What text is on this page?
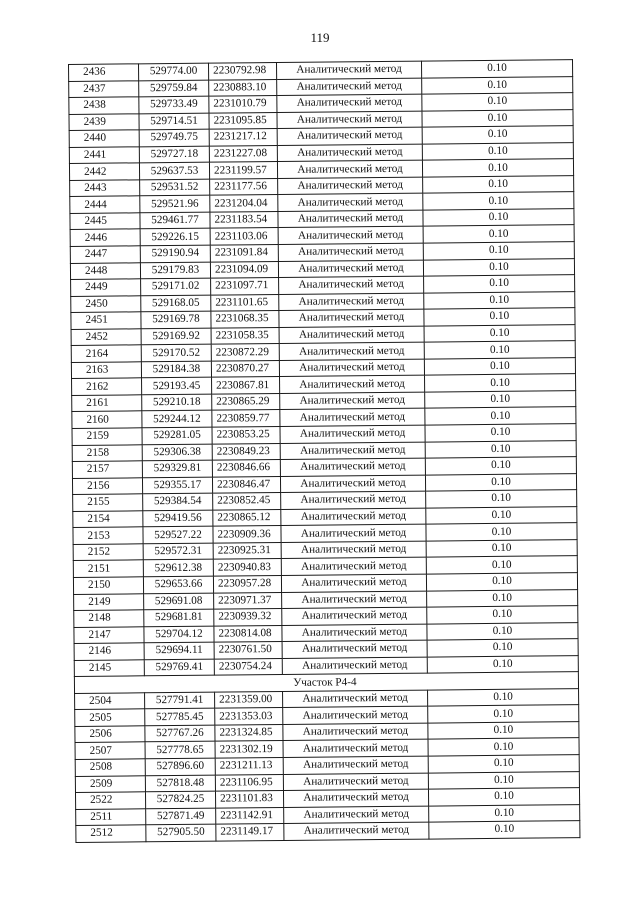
119
2436	529774.00	2230792.98	Аналитический метод	0.10
2437	529759.84	2230883.10	Аналитический метод	0.10
2438	529733.49	2231010.79	Аналитический метод	0.10
2439	529714.51	2231095.85	Аналитический метод	0.10
2440	529749.75	2231217.12	Аналитический метод	0.10
2441	529727.18	2231227.08	Аналитический метод	0.10
2442	529637.53	2231199.57	Аналитический метод	0.10
2443	529531.52	2231177.56	Аналитический метод	0.10
2444	529521.96	2231204.04	Аналитический метод	0.10
2445	529461.77	2231183.54	Аналитический метод	0.10
2446	529226.15	2231103.06	Аналитический метод	0.10
2447	529190.94	2231091.84	Аналитический метод	0.10
2448	529179.83	2231094.09	Аналитический метод	0.10
2449	529171.02	2231097.71	Аналитический метод	0.10
2450	529168.05	2231101.65	Аналитический метод	0.10
2451	529169.78	2231068.35	Аналитический метод	0.10
2452	529169.92	2231058.35	Аналитический метод	0.10
2164	529170.52	2230872.29	Аналитический метод	0.10
2163	529184.38	2230870.27	Аналитический метод	0.10
2162	529193.45	2230867.81	Аналитический метод	0.10
2161	529210.18	2230865.29	Аналитический метод	0.10
2160	529244.12	2230859.77	Аналитический метод	0.10
2159	529281.05	2230853.25	Аналитический метод	0.10
2158	529306.38	2230849.23	Аналитический метод	0.10
2157	529329.81	2230846.66	Аналитический метод	0.10
2156	529355.17	2230846.47	Аналитический метод	0.10
2155	529384.54	2230852.45	Аналитический метод	0.10
2154	529419.56	2230865.12	Аналитический метод	0.10
2153	529527.22	2230909.36	Аналитический метод	0.10
2152	529572.31	2230925.31	Аналитический метод	0.10
2151	529612.38	2230940.83	Аналитический метод	0.10
2150	529653.66	2230957.28	Аналитический метод	0.10
2149	529691.08	2230971.37	Аналитический метод	0.10
2148	529681.81	2230939.32	Аналитический метод	0.10
2147	529704.12	2230814.08	Аналитический метод	0.10
2146	529694.11	2230761.50	Аналитический метод	0.10
2145	529769.41	2230754.24	Аналитический метод	0.10
Участок Р4-4				
2504	527791.41	2231359.00	Аналитический метод	0.10
2505	527785.45	2231353.03	Аналитический метод	0.10
2506	527767.26	2231324.85	Аналитический метод	0.10
2507	527778.65	2231302.19	Аналитический метод	0.10
2508	527896.60	2231211.13	Аналитический метод	0.10
2509	527818.48	2231106.95	Аналитический метод	0.10
2522	527824.25	2231101.83	Аналитический метод	0.10
2511	527871.49	2231142.91	Аналитический метод	0.10
2512	527905.50	2231149.17	Аналитический метод	0.10
